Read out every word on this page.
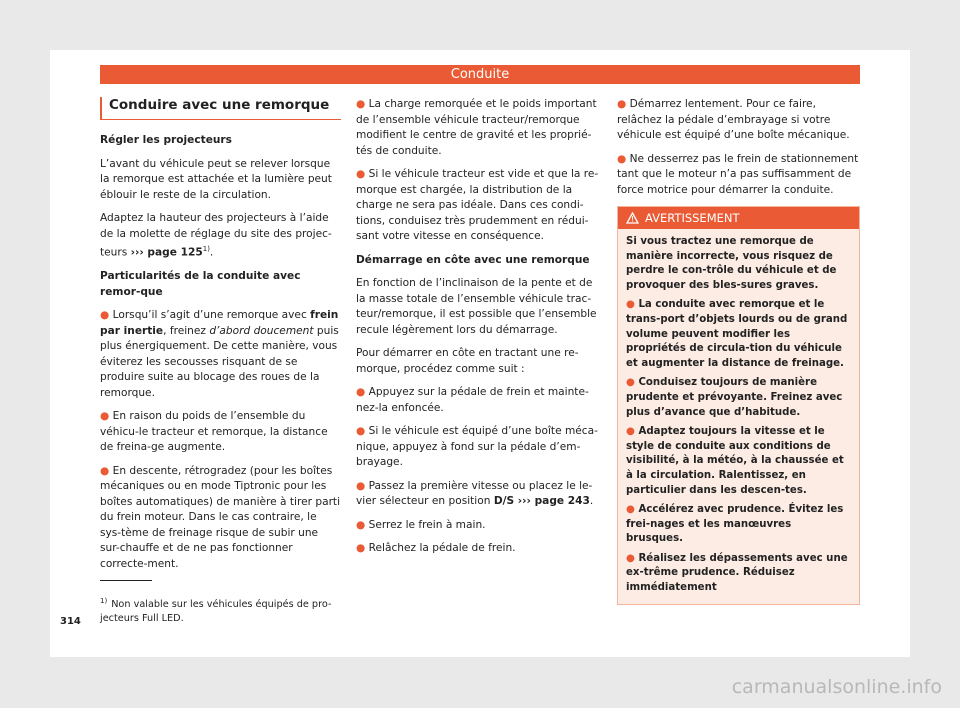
Conduite
Conduire avec une remorque

Régler les projecteurs

L’avant du véhicule peut se relever lorsque la remorque est attachée et la lumière peut éblouir le reste de la circulation.

Adaptez la hauteur des projecteurs à l’aide de la molette de réglage du site des projec-teurs ››› page 125$^{1)}$.

Particularités de la conduite avec remor-que

● Lorsqu’il s’agit d’une remorque avec frein par inertie, freinez d’abord doucement puis plus énergiquement. De cette manière, vous éviterez les secousses risquant de se produire suite au blocage des roues de la remorque.

● En raison du poids de l’ensemble du véhicu-le tracteur et remorque, la distance de freina-ge augmente.

● En descente, rétrogradez (pour les boîtes mécaniques ou en mode Tiptronic pour les boîtes automatiques) de manière à tirer parti du frein moteur. Dans le cas contraire, le sys-tème de freinage risque de subir une sur-chauffe et de ne pas fonctionner correcte-ment.

● La charge remorquée et le poids important de l’ensemble véhicule tracteur/remorque modifient le centre de gravité et les proprié-tés de conduite.

● Si le véhicule tracteur est vide et que la re-morque est chargée, la distribution de la charge ne sera pas idéale. Dans ces condi-tions, conduisez très prudemment en rédui-sant votre vitesse en conséquence.

Démarrage en côte avec une remorque

En fonction de l’inclinaison de la pente et de la masse totale de l’ensemble véhicule trac-teur/remorque, il est possible que l’ensemble recule légèrement lors du démarrage.

Pour démarrer en côte en tractant une re-morque, procédez comme suit :

● Appuyez sur la pédale de frein et mainte-nez-la enfoncée.

● Si le véhicule est équipé d’une boîte méca-nique, appuyez à fond sur la pédale d’em-brayage.

● Passez la première vitesse ou placez le le-vier sélecteur en position D/S ››› page 243.

● Serrez le frein à main.

● Relâchez la pédale de frein.

● Démarrez lentement. Pour ce faire, relâchez la pédale d’embrayage si votre véhicule est équipé d’une boîte mécanique.

● Ne desserrez pas le frein de stationnement tant que le moteur n’a pas suffisamment de force motrice pour démarrer la conduite.

AVERTISSEMENT

Si vous tractez une remorque de manière incorrecte, vous risquez de perdre le con-trôle du véhicule et de provoquer des bles-sures graves.

● La conduite avec remorque et le trans-port d’objets lourds ou de grand volume peuvent modifier les propriétés de circula-tion du véhicule et augmenter la distance de freinage.

● Conduisez toujours de manière prudente et prévoyante. Freinez avec plus d’avance que d’habitude.

● Adaptez toujours la vitesse et le style de conduite aux conditions de visibilité, à la météo, à la chaussée et à la circulation. Ralentissez, en particulier dans les descen-tes.

● Accélérez avec prudence. Évitez les frei-nages et les manœuvres brusques.

● Réalisez les dépassements avec une ex-trême prudence. Réduisez immédiatement

$^{1)}$ Non valable sur les véhicules équipés de pro-jecteurs Full LED.
314
carmanualsonline.info
